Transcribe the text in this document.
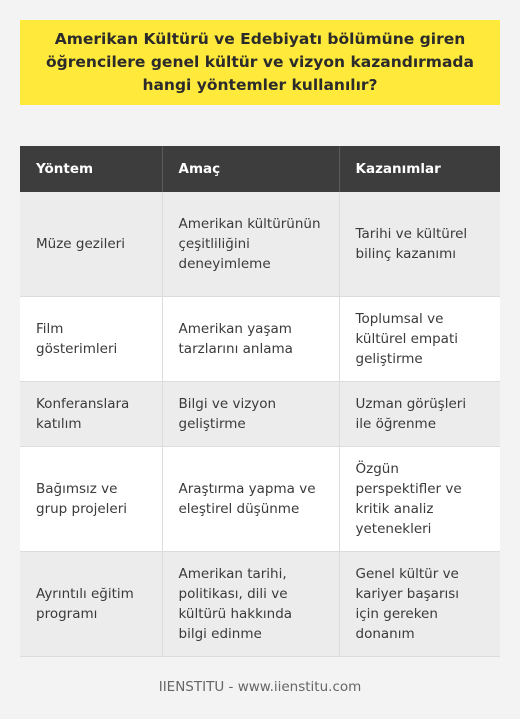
Amerikan Kültürü ve Edebiyatı bölümüne giren öğrencilere genel kültür ve vizyon kazandırmada hangi yöntemler kullanılır?
Yöntem	Amaç	Kazanımlar
Müze gezileri	Amerikan kültürünün çeşitliliğini deneyimleme	Tarihi ve kültürel bilinç kazanımı
Film gösterimleri	Amerikan yaşam tarzlarını anlama	Toplumsal ve kültürel empati geliştirme
Konferanslara katılım	Bilgi ve vizyon geliştirme	Uzman görüşleri ile öğrenme
Bağımsız ve grup projeleri	Araştırma yapma ve eleştirel düşünme	Özgün perspektifler ve kritik analiz yetenekleri
Ayrıntılı eğitim programı	Amerikan tarihi, politikası, dili ve kültürü hakkında bilgi edinme	Genel kültür ve kariyer başarısı için gereken donanım
IIENSTITU - www.iienstitu.com
